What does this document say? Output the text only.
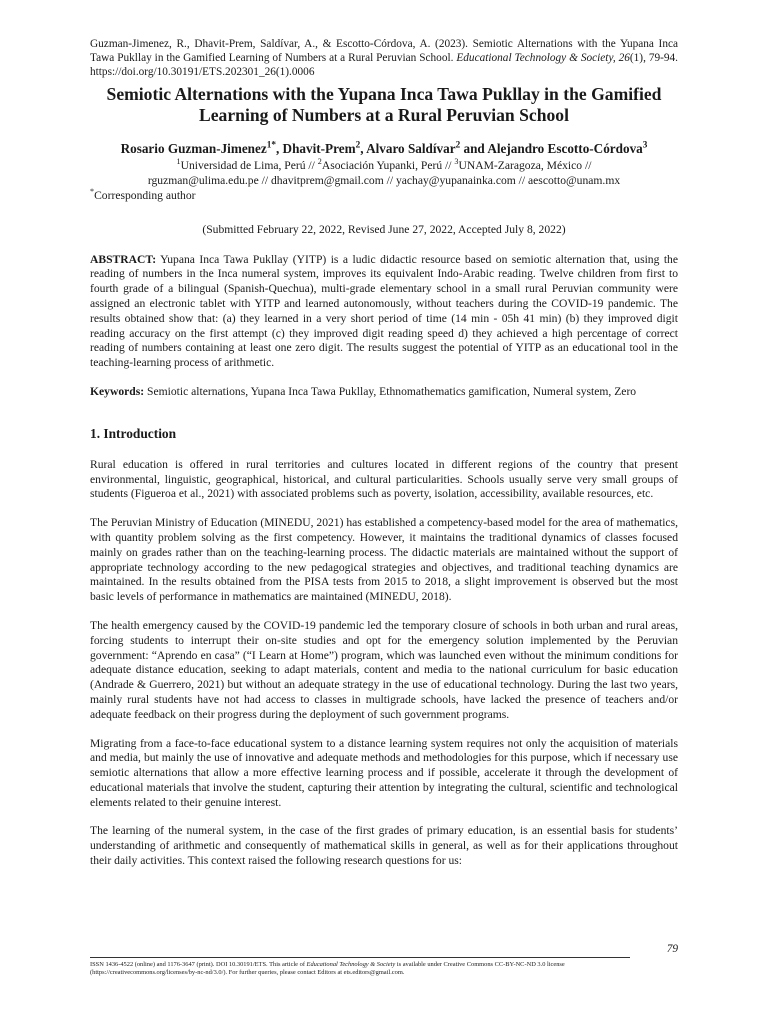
Guzman-Jimenez, R., Dhavit-Prem, Saldívar, A., & Escotto-Córdova, A. (2023). Semiotic Alternations with the Yupana Inca Tawa Pukllay in the Gamified Learning of Numbers at a Rural Peruvian School. Educational Technology & Society, 26(1), 79-94. https://doi.org/10.30191/ETS.202301_26(1).0006

Semiotic Alternations with the Yupana Inca Tawa Pukllay in the Gamified Learning of Numbers at a Rural Peruvian School

Rosario Guzman-Jimenez$^{1*}$, Dhavit-Prem$^2$, Alvaro Saldívar$^2$ and Alejandro Escotto-Córdova$^3$

$^1$Universidad de Lima, Perú // $^2$Asociación Yupanki, Perú // $^3$UNAM-Zaragoza, México //
rguzman@ulima.edu.pe // dhavitprem@gmail.com // yachay@yupanainka.com // aescotto@unam.mx

*Corresponding author

(Submitted February 22, 2022, Revised June 27, 2022, Accepted July 8, 2022)

ABSTRACT: Yupana Inca Tawa Pukllay (YITP) is a ludic didactic resource based on semiotic alternation that, using the reading of numbers in the Inca numeral system, improves its equivalent Indo-Arabic reading. Twelve children from first to fourth grade of a bilingual (Spanish-Quechua), multi-grade elementary school in a small rural Peruvian community were assigned an electronic tablet with YITP and learned autonomously, without teachers during the COVID-19 pandemic. The results obtained show that: (a) they learned in a very short period of time (14 min - 05h 41 min) (b) they improved digit reading accuracy on the first attempt (c) they improved digit reading speed d) they achieved a high percentage of correct reading of numbers containing at least one zero digit. The results suggest the potential of YITP as an educational tool in the teaching-learning process of arithmetic.

Keywords: Semiotic alternations, Yupana Inca Tawa Pukllay, Ethnomathematics gamification, Numeral system, Zero

1. Introduction

Rural education is offered in rural territories and cultures located in different regions of the country that present environmental, linguistic, geographical, historical, and cultural particularities. Schools usually serve very small groups of students (Figueroa et al., 2021) with associated problems such as poverty, isolation, accessibility, available resources, etc.

The Peruvian Ministry of Education (MINEDU, 2021) has established a competency-based model for the area of mathematics, with quantity problem solving as the first competency. However, it maintains the traditional dynamics of classes focused mainly on grades rather than on the teaching-learning process. The didactic materials are maintained without the support of appropriate technology according to the new pedagogical strategies and objectives, and traditional teaching dynamics are maintained. In the results obtained from the PISA tests from 2015 to 2018, a slight improvement is observed but the most basic levels of performance in mathematics are maintained (MINEDU, 2018).

The health emergency caused by the COVID-19 pandemic led the temporary closure of schools in both urban and rural areas, forcing students to interrupt their on-site studies and opt for the emergency solution implemented by the Peruvian government: “Aprendo en casa” (“I Learn at Home”) program, which was launched even without the minimum conditions for adequate distance education, seeking to adapt materials, content and media to the national curriculum for basic education (Andrade & Guerrero, 2021) but without an adequate strategy in the use of educational technology. During the last two years, mainly rural students have not had access to classes in multigrade schools, have lacked the presence of teachers and/or adequate feedback on their progress during the deployment of such government programs.

Migrating from a face-to-face educational system to a distance learning system requires not only the acquisition of materials and media, but mainly the use of innovative and adequate methods and methodologies for this purpose, which if necessary use semiotic alternations that allow a more effective learning process and if possible, accelerate it through the development of educational materials that involve the student, capturing their attention by integrating the cultural, scientific and technological elements related to their genuine interest.

The learning of the numeral system, in the case of the first grades of primary education, is an essential basis for students’ understanding of arithmetic and consequently of mathematical skills in general, as well as for their applications throughout their daily activities. This context raised the following research questions for us:

79
ISSN 1436-4522 (online) and 1176-3647 (print). DOI 10.30191/ETS. This article of Educational Technology & Society is available under Creative Commons CC-BY-NC-ND 3.0 license (https://creativecommons.org/licenses/by-nc-nd/3.0/). For further queries, please contact Editors at ets.editors@gmail.com.
